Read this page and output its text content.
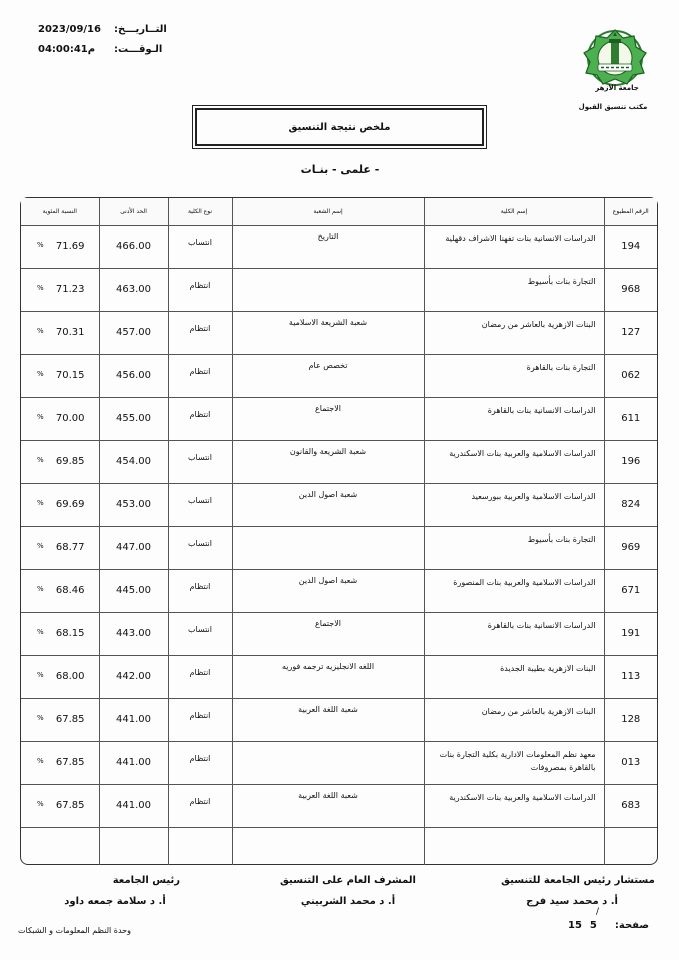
2023/09/16	التــاريـــخ:
04:00:41م	الـوقـــت:
جامعة الأزهر
مكتب تنسيق القبول
ملخص نتيجة التنسيق
- علمى - بنـات
الرقم المطبوع	إسم الكلية	إسم الشعبة	نوع الكلية	الحد الأدنى	النسبة المئوية
194	الدراسات الانسانية بنات تفهنا الاشراف دقهلية	التاريخ	انتساب	466.00	% 71.69

968	التجارة بنات بأسيوط		انتظام	463.00	% 71.23

127	البنات الازهرية بالعاشر من رمضان	شعبة الشريعة الاسلامية	انتظام	457.00	% 70.31

062	التجارة بنات بالقاهرة	تخصص عام	انتظام	456.00	% 70.15

611	الدراسات الانسانية بنات بالقاهرة	الاجتماع	انتظام	455.00	% 70.00

196	الدراسات الاسلامية والعربية بنات الاسكندرية	شعبة الشريعة والقانون	انتساب	454.00	% 69.85

824	الدراسات الاسلامية والعربية ببورسعيد	شعبة اصول الدين	انتساب	453.00	% 69.69

969	التجارة بنات بأسيوط		انتساب	447.00	% 68.77

671	الدراسات الاسلامية والعربية بنات المنصورة	شعبة اصول الدين	انتظام	445.00	% 68.46

191	الدراسات الانسانية بنات بالقاهرة	الاجتماع	انتساب	443.00	% 68.15

113	البنات الازهرية بطيبة الجديدة	اللغه الانجليزيه ترجمه فوريه	انتظام	442.00	% 68.00

128	البنات الازهرية بالعاشر من رمضان	شعبة اللغة العربية	انتظام	441.00	% 67.85

013	معهد نظم المعلومات الادارية بكلية التجارة بنات بالقاهرة بمصروفات		انتظام	441.00	% 67.85

683	الدراسات الاسلامية والعربية بنات الاسكندرية	شعبة اللغة العربية	انتظام	441.00	% 67.85

مستشار رئيس الجامعة للتنسيق
أ. د محمد سيد فرج
المشرف العام على التنسيق
أ. د محمد الشربيني
رئيس الجامعة
أ. د سلامة جمعه داود
/
15 5 صفحة:
وحدة النظم المعلومات و الشبكات
